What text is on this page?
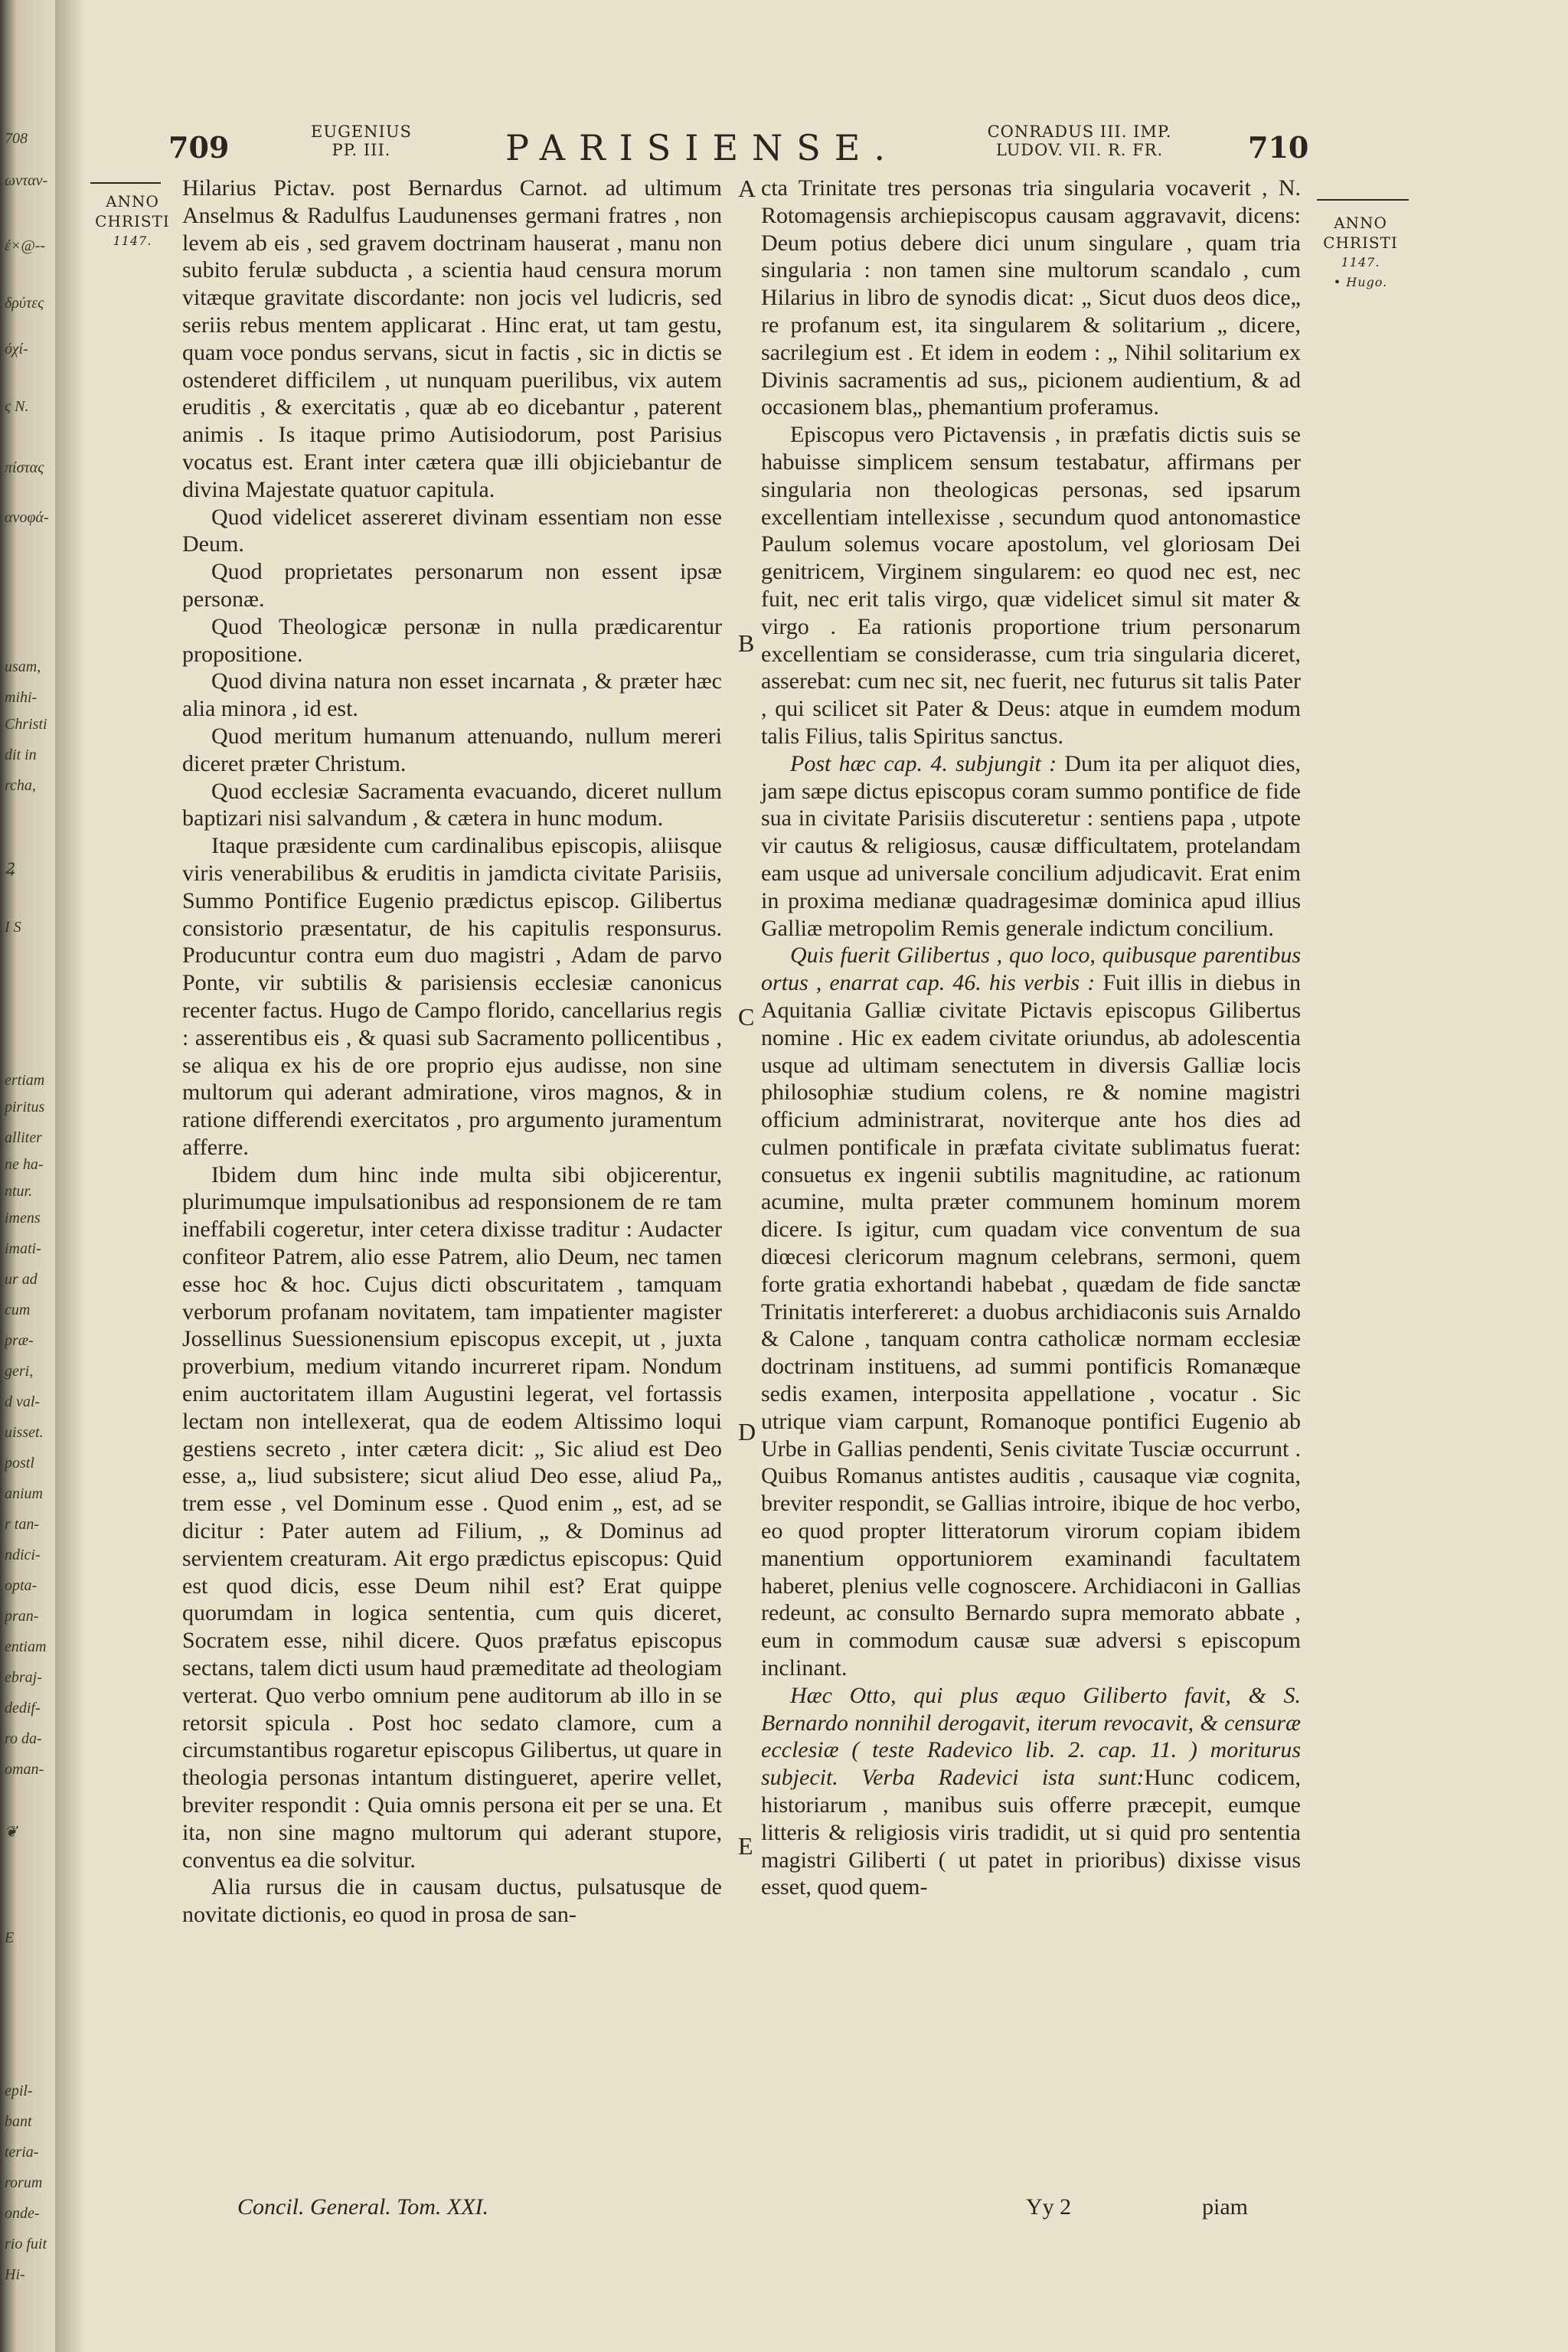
708
ωνταν-
έ×@--
δρύτες
όχί-
ς N.
πίστας
ανοφά-
usam,
mihi-
Christi
dit in
rcha,
Ꝝ
I S
ertiam
piritus
alliter
ne ha-
ntur.
imens
imati-
ur ad
cum
præ-
geri,
d val-
uisset.
postl
anium
r tan-
ndici-
opta-
pran-
entiam
ebraj-
dedif-
ro da-
oman-
❦
E
epil-
bant
teria-
rorum
onde-
rio fuit
Hi-
709	EUGENIUS
PP. III.	PARISIENSE.	CONRADUS III. IMP.
LUDOV. VII. R. FR.	710
ANNO
CHRISTI
1147.
ANNO
CHRISTI
1147.
• Hugo.

Hilarius Pictav. post Bernardus Carnot. ad ultimum Anselmus & Radulfus Laudunenses germani fratres , non levem ab eis , sed gravem doctrinam hauserat , manu non subito ferulæ subducta , a scientia haud censura morum vitæque gravitate discordante: non jocis vel ludicris, sed seriis rebus mentem applicarat . Hinc erat, ut tam gestu, quam voce pondus servans, sicut in factis , sic in dictis se ostenderet difficilem , ut nunquam puerilibus, vix autem eruditis , & exercitatis , quæ ab eo dicebantur , paterent animis . Is itaque primo Autisiodorum, post Parisius vocatus est. Erant inter cætera quæ illi objiciebantur de divina Majestate quatuor capitula.

Quod videlicet assereret divinam essentiam non esse Deum.

Quod proprietates personarum non essent ipsæ personæ.

Quod Theologicæ personæ in nulla prædicarentur propositione.

Quod divina natura non esset incarnata , & præter hæc alia minora , id est.

Quod meritum humanum attenuando, nullum mereri diceret præter Christum.

Quod ecclesiæ Sacramenta evacuando, diceret nullum baptizari nisi salvandum , & cætera in hunc modum.

Itaque præsidente cum cardinalibus episcopis, aliisque viris venerabilibus & eruditis in jamdicta civitate Parisiis, Summo Pontifice Eugenio prædictus episcop. Gilibertus consistorio præsentatur, de his capitulis responsurus. Producuntur contra eum duo magistri , Adam de parvo Ponte, vir subtilis & parisiensis ecclesiæ canonicus recenter factus. Hugo de Campo florido, cancellarius regis : asserentibus eis , & quasi sub Sacramento pollicentibus , se aliqua ex his de ore proprio ejus audisse, non sine multorum qui aderant admiratione, viros magnos, & in ratione differendi exercitatos , pro argumento juramentum afferre.

Ibidem dum hinc inde multa sibi objicerentur, plurimumque impulsationibus ad responsionem de re tam ineffabili cogeretur, inter cetera dixisse traditur : Audacter confiteor Patrem, alio esse Patrem, alio Deum, nec tamen esse hoc & hoc. Cujus dicti obscuritatem , tamquam verborum profanam novitatem, tam impatienter magister Jossellinus Suessionensium episcopus excepit, ut , juxta proverbium, medium vitando incurreret ripam. Nondum enim auctoritatem illam Augustini legerat, vel fortassis lectam non intellexerat, qua de eodem Altissimo loqui gestiens secreto , inter cætera dicit: „ Sic aliud est Deo esse, a„ liud subsistere; sicut aliud Deo esse, aliud Pa„ trem esse , vel Dominum esse . Quod enim „ est, ad se dicitur : Pater autem ad Filium, „ & Dominus ad servientem creaturam. Ait ergo prædictus episcopus: Quid est quod dicis, esse Deum nihil est? Erat quippe quorumdam in logica sententia, cum quis diceret, Socratem esse, nihil dicere. Quos præfatus episcopus sectans, talem dicti usum haud præmeditate ad theologiam verterat. Quo verbo omnium pene auditorum ab illo in se retorsit spicula . Post hoc sedato clamore, cum a circumstantibus rogaretur episcopus Gilibertus, ut quare in theologia personas intantum distingueret, aperire vellet, breviter respondit : Quia omnis persona eit per se una. Et ita, non sine magno multorum qui aderant stupore, conventus ea die solvitur.

Alia rursus die in causam ductus, pulsatusque de novitate dictionis, eo quod in prosa de san-

cta Trinitate tres personas tria singularia vocaverit , N. Rotomagensis archiepiscopus causam aggravavit, dicens: Deum potius debere dici unum singulare , quam tria singularia : non tamen sine multorum scandalo , cum Hilarius in libro de synodis dicat: „ Sicut duos deos dice„ re profanum est, ita singularem & solitarium „ dicere, sacrilegium est . Et idem in eodem : „ Nihil solitarium ex Divinis sacramentis ad sus„ picionem audientium, & ad occasionem blas„ phemantium proferamus.

Episcopus vero Pictavensis , in præfatis dictis suis se habuisse simplicem sensum testabatur, affirmans per singularia non theologicas personas, sed ipsarum excellentiam intellexisse , secundum quod antonomastice Paulum solemus vocare apostolum, vel gloriosam Dei genitricem, Virginem singularem: eo quod nec est, nec fuit, nec erit talis virgo, quæ videlicet simul sit mater & virgo . Ea rationis proportione trium personarum excellentiam se considerasse, cum tria singularia diceret, asserebat: cum nec sit, nec fuerit, nec futurus sit talis Pater , qui scilicet sit Pater & Deus: atque in eumdem modum talis Filius, talis Spiritus sanctus.

Post hæc cap. 4. subjungit : Dum ita per aliquot dies, jam sæpe dictus episcopus coram summo pontifice de fide sua in civitate Parisiis discuteretur : sentiens papa , utpote vir cautus & religiosus, causæ difficultatem, protelandam eam usque ad universale concilium adjudicavit. Erat enim in proxima medianæ quadragesimæ dominica apud illius Galliæ metropolim Remis generale indictum concilium.

Quis fuerit Gilibertus , quo loco, quibusque parentibus ortus , enarrat cap. 46. his verbis : Fuit illis in diebus in Aquitania Galliæ civitate Pictavis episcopus Gilibertus nomine . Hic ex eadem civitate oriundus, ab adolescentia usque ad ultimam senectutem in diversis Galliæ locis philosophiæ studium colens, re & nomine magistri officium administrarat, noviterque ante hos dies ad culmen pontificale in præfata civitate sublimatus fuerat: consuetus ex ingenii subtilis magnitudine, ac rationum acumine, multa præter communem hominum morem dicere. Is igitur, cum quadam vice conventum de sua diœcesi clericorum magnum celebrans, sermoni, quem forte gratia exhortandi habebat , quædam de fide sanctæ Trinitatis interfereret: a duobus archidiaconis suis Arnaldo & Calone , tanquam contra catholicæ normam ecclesiæ doctrinam instituens, ad summi pontificis Romanæque sedis examen, interposita appellatione , vocatur . Sic utrique viam carpunt, Romanoque pontifici Eugenio ab Urbe in Gallias pendenti, Senis civitate Tusciæ occurrunt . Quibus Romanus antistes auditis , causaque viæ cognita, breviter respondit, se Gallias introire, ibique de hoc verbo, eo quod propter litteratorum virorum copiam ibidem manentium opportuniorem examinandi facultatem haberet, plenius velle cognoscere. Archidiaconi in Gallias redeunt, ac consulto Bernardo supra memorato abbate , eum in commodum causæ suæ adversi s episcopum inclinant.

Hæc Otto, qui plus æquo Giliberto favit, & S. Bernardo nonnihil derogavit, iterum revocavit, & censuræ ecclesiæ ( teste Radevico lib. 2. cap. 11. ) moriturus subjecit. Verba Radevici ista sunt:Hunc codicem, historiarum , manibus suis offerre præcepit, eumque litteris & religiosis viris tradidit, ut si quid pro sententia magistri Giliberti ( ut patet in prioribus) dixisse visus esset, quod quem-

A
B
C
D
E
Concil. General. Tom. XXI.	Yy 2	piam
